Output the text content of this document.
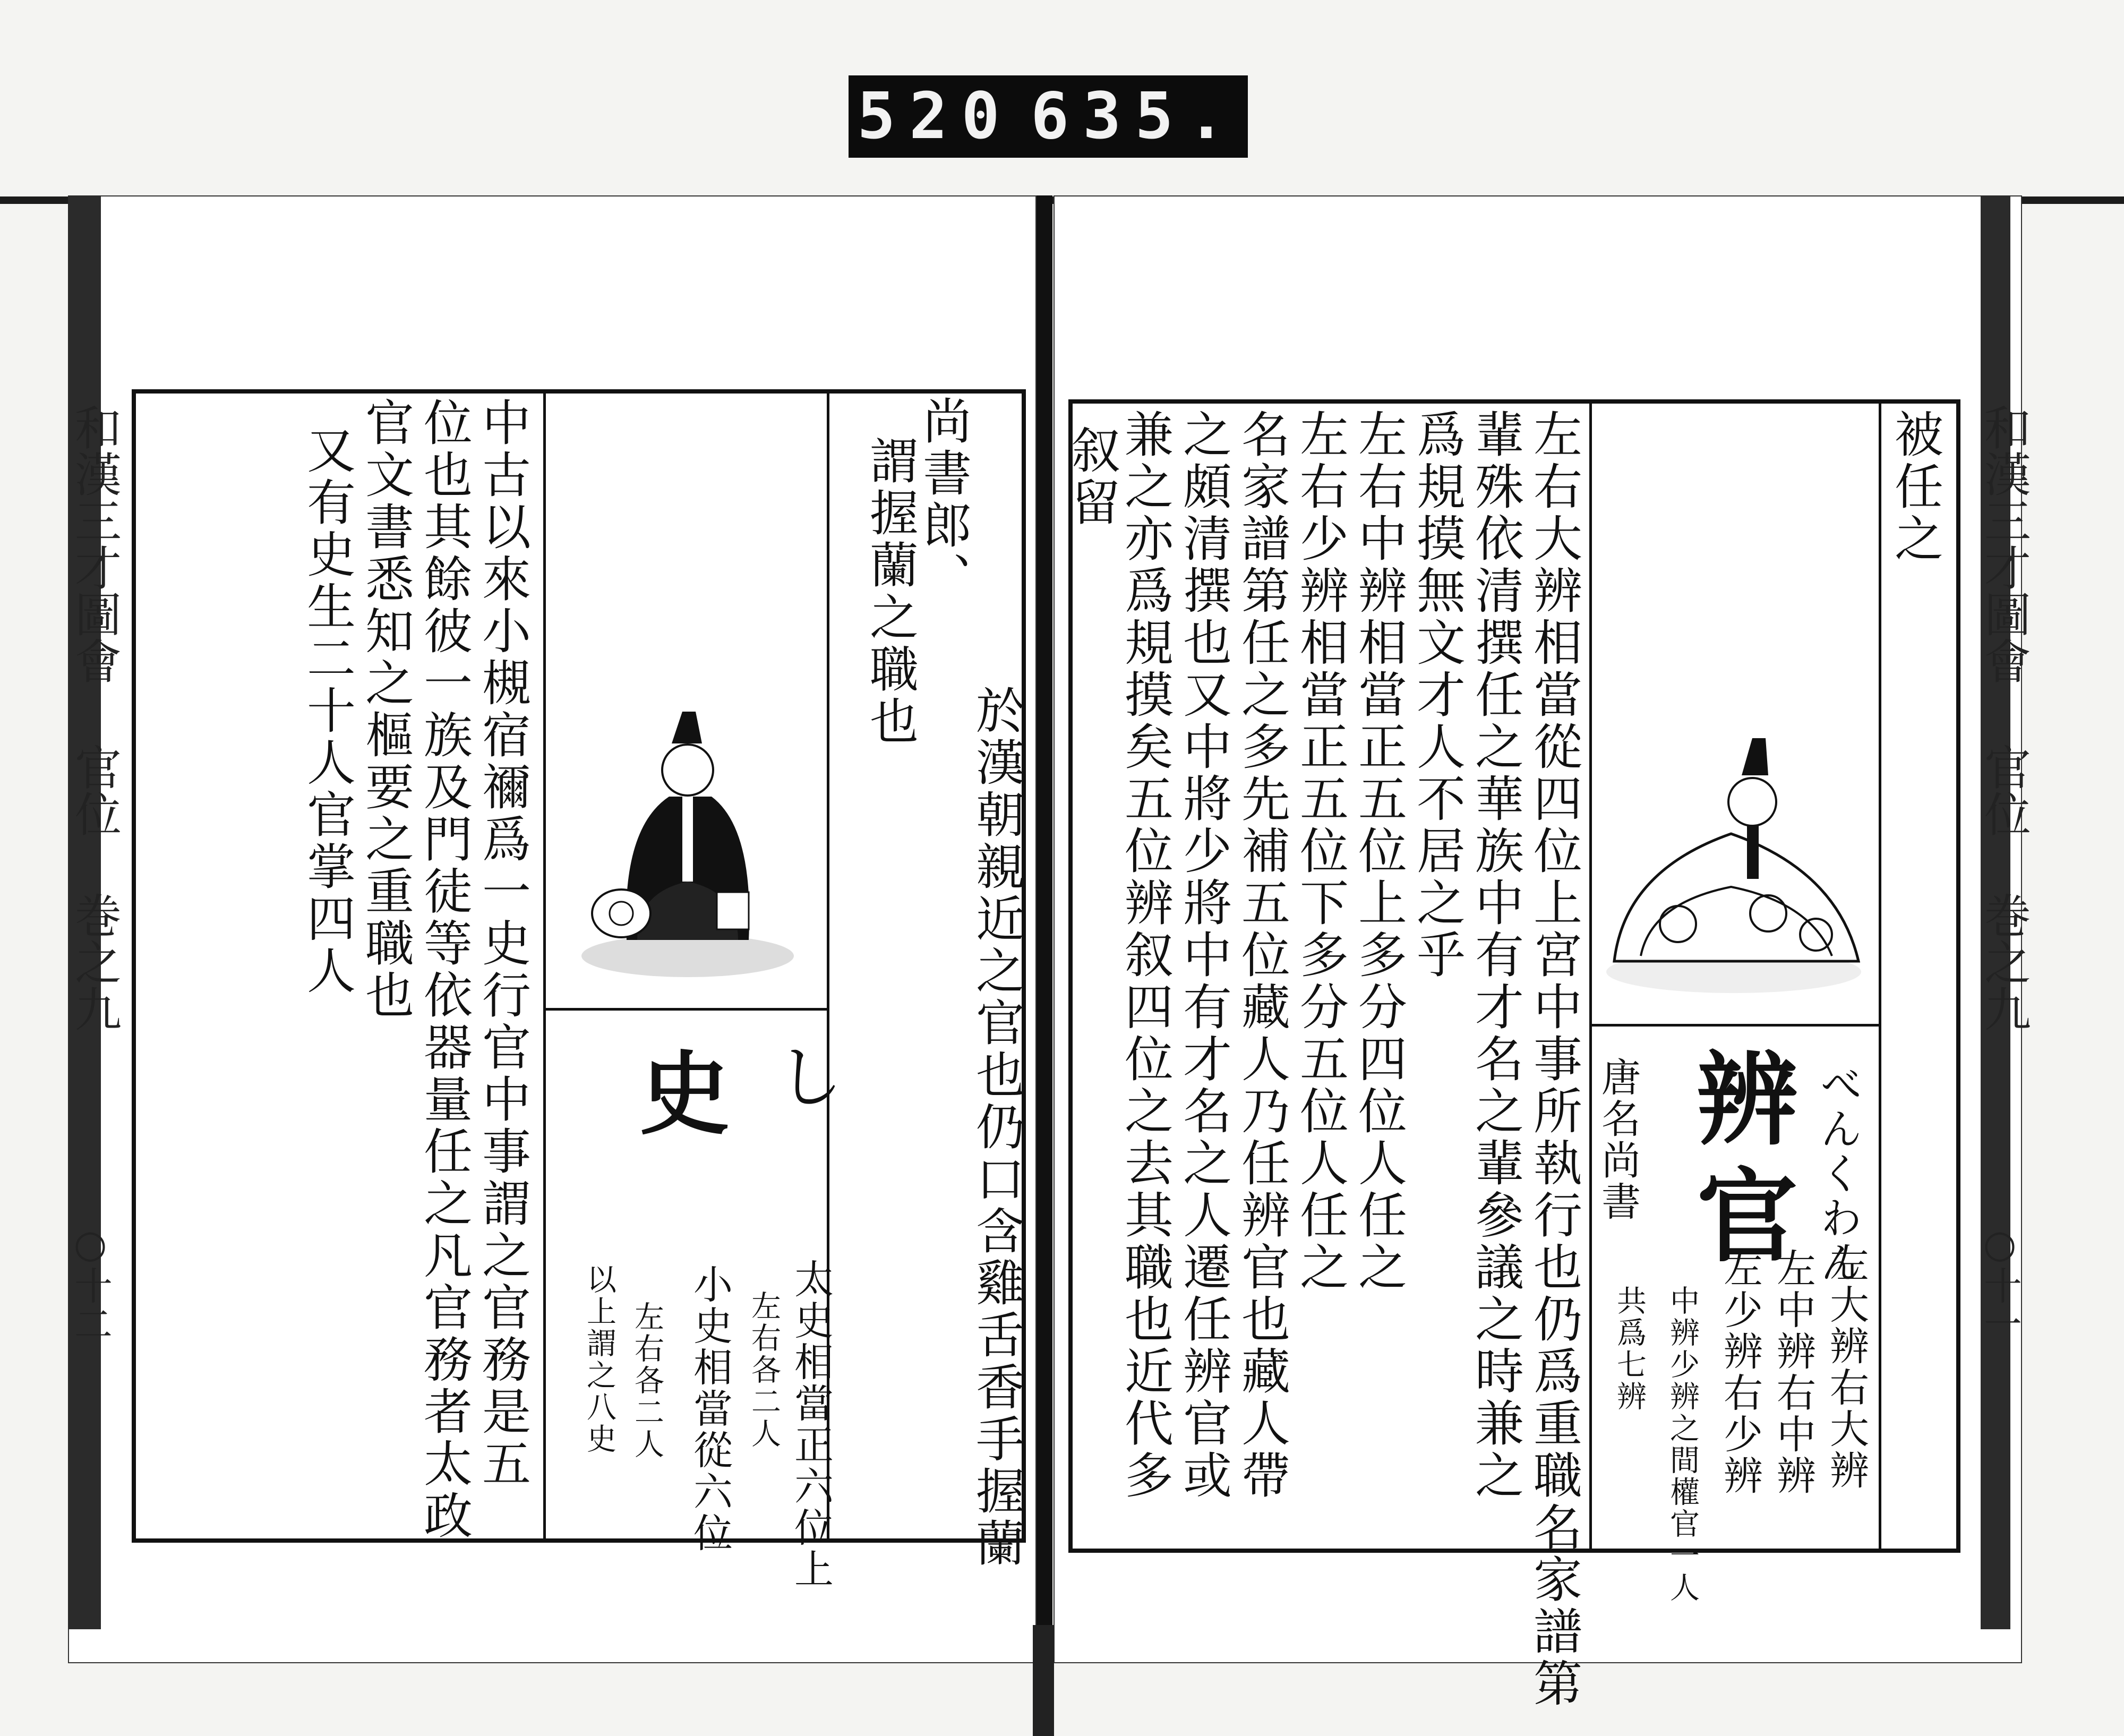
520 635.
和漢三才圖會
官位 巻之九
○十二
和漢三才圖會
官位 巻之九
○十一
尚書郎、
謂握蘭之職也
於漢朝親近之官也仍口含雞舌香手握蘭
し
史
太史相當正六位上
左右各二人
小史相當從六位
左右各二人
以上謂之八史
中古以來小槻宿禰爲一史行官中事謂之官務是五
位也其餘彼一族及門徒等依器量任之凡官務者太政
官文書悉知之樞要之重職也
又有史生二十人官掌四人	被任之
べんくわん
辨官
唐名尚書
左大辨右大辨
左中辨右中辨
左少辨右少辨
中辨少辨之間權官一人
共爲七辨
左右大辨相當從四位上宮中事所執行也仍爲重職名家譜第
輩殊依清撰任之華族中有才名之輩參議之時兼之
爲規摸無文才人不居之乎
左右中辨相當正五位上多分四位人任之
左右少辨相當正五位下多分五位人任之
名家譜第任之多先補五位藏人乃任辨官也藏人帶
之頗清撰也又中將少將中有才名之人遷任辨官或
兼之亦爲規摸矣五位辨叙四位之去其職也近代多
叙留
